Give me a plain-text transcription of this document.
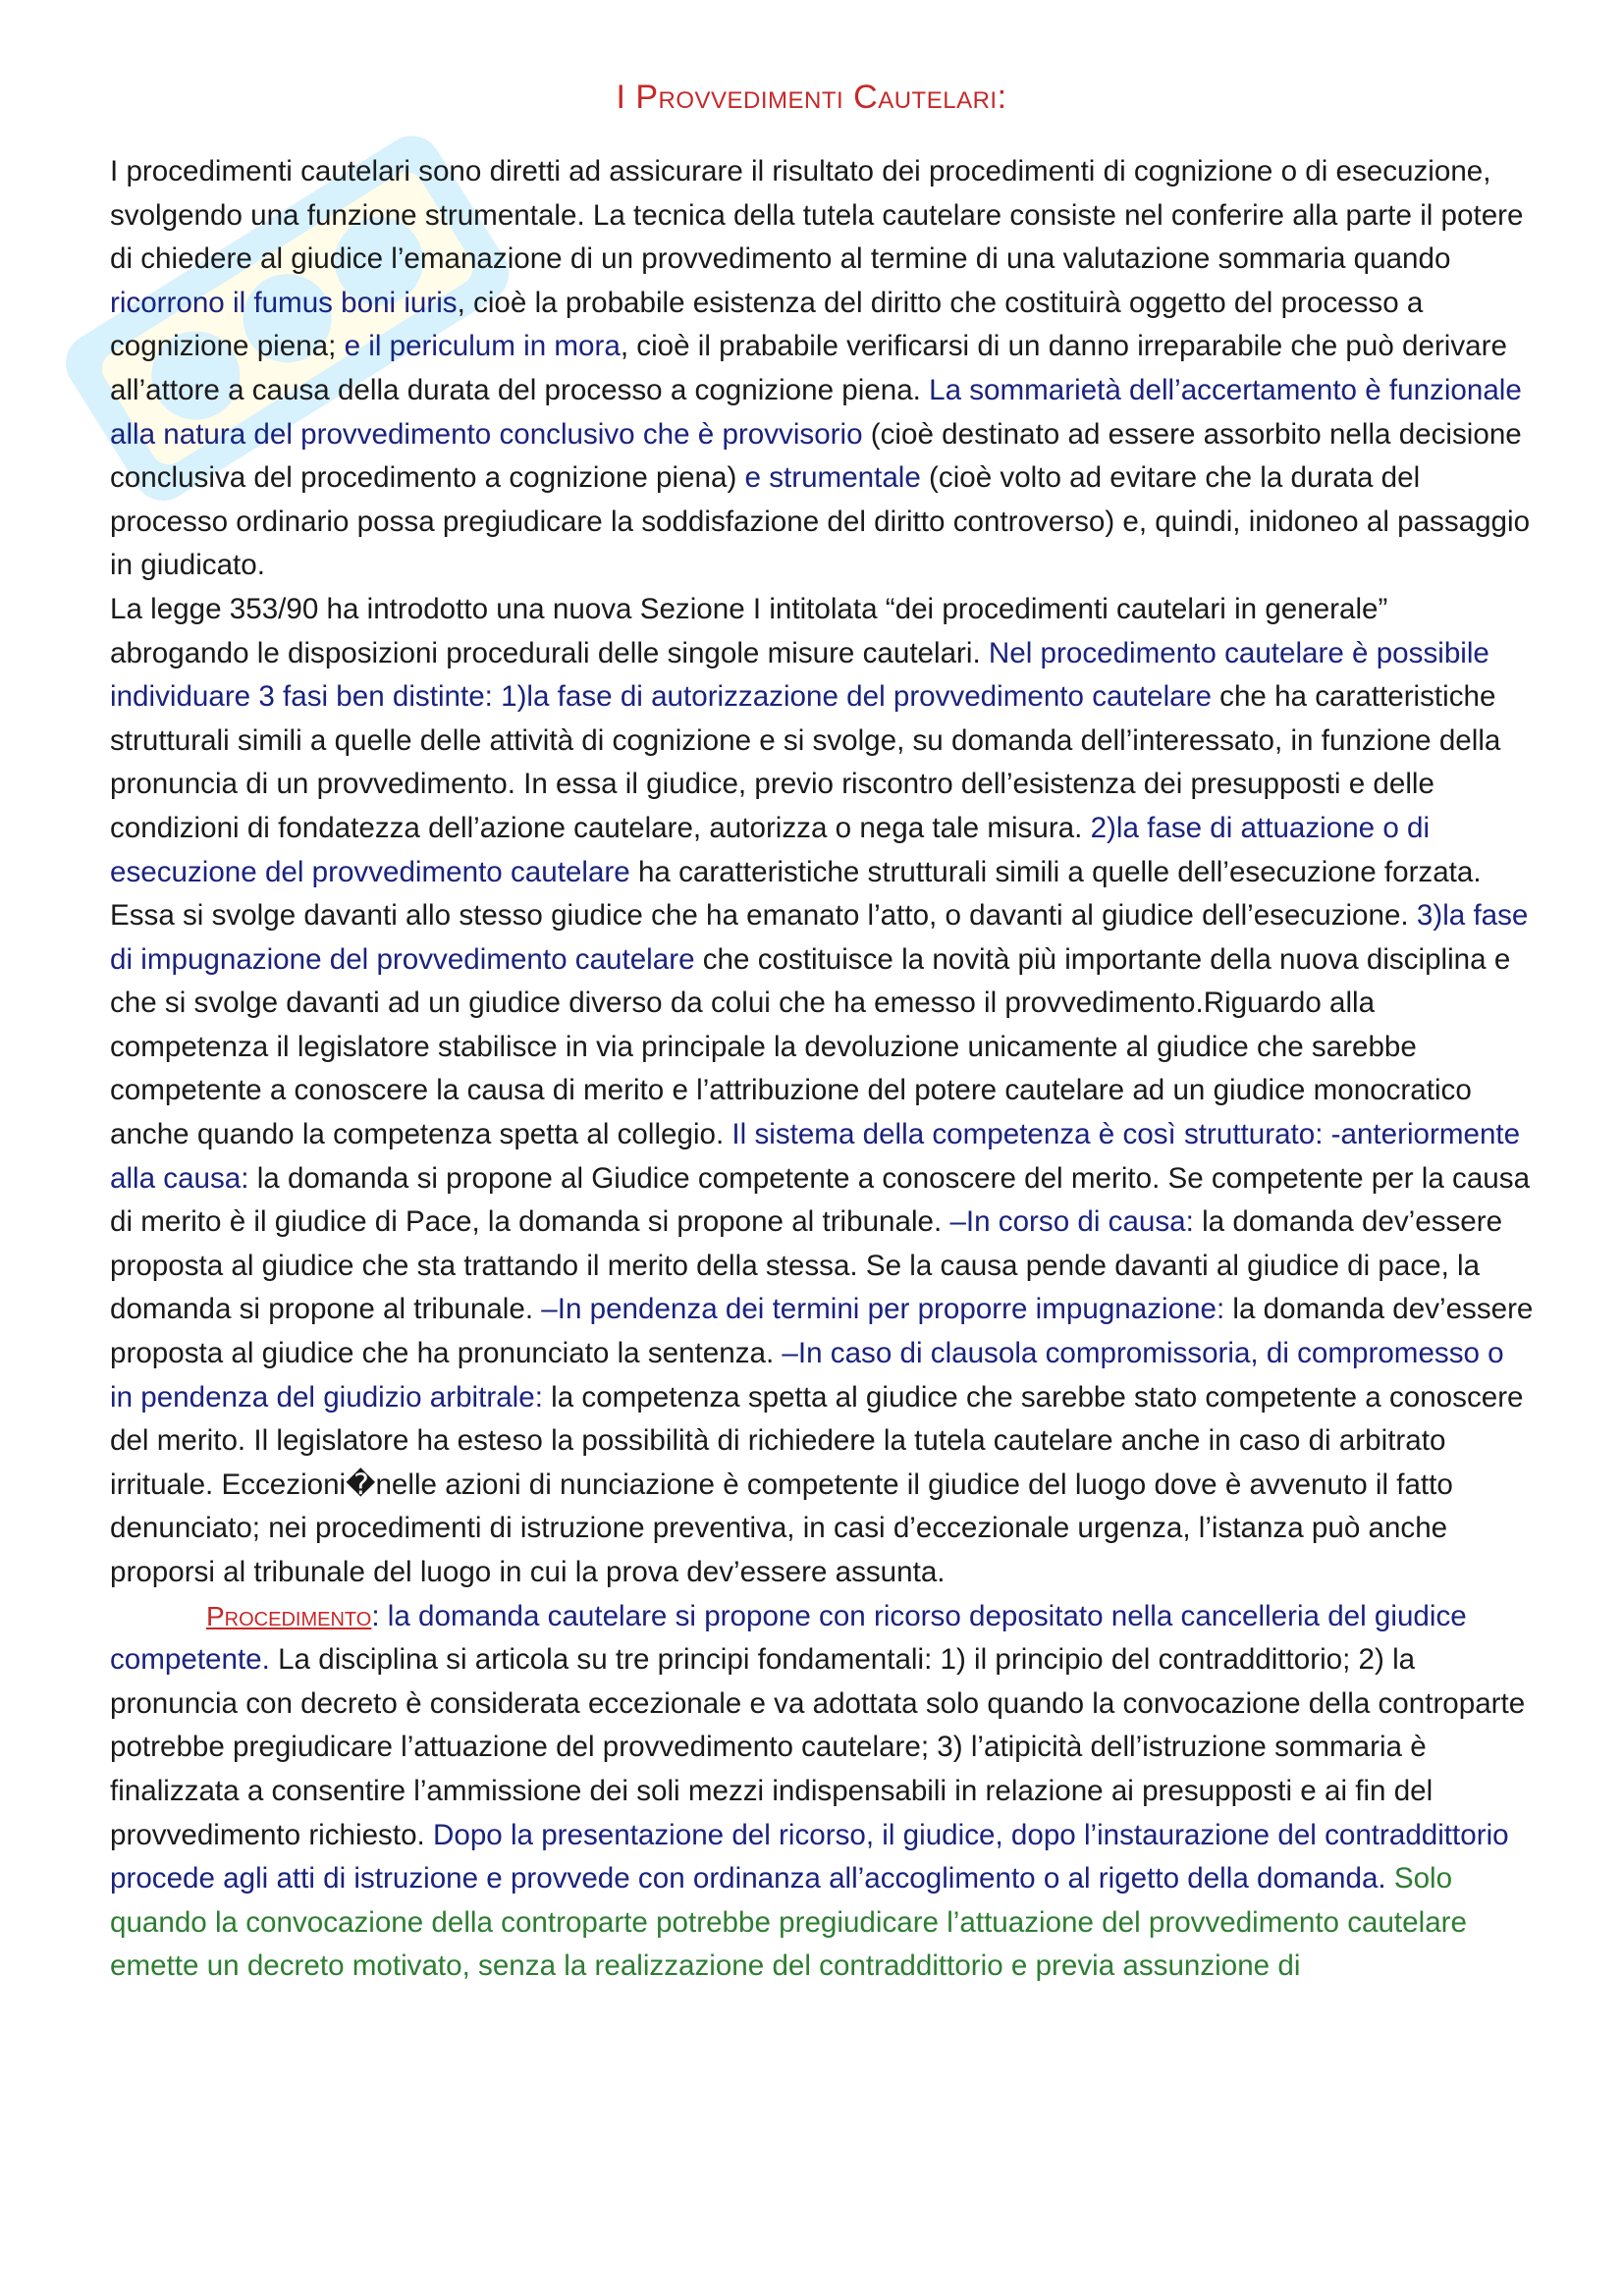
I Provvedimenti Cautelari:

I procedimenti cautelari sono diretti ad assicurare il risultato dei procedimenti di cognizione o di esecuzione, svolgendo una funzione strumentale. La tecnica della tutela cautelare consiste nel conferire alla parte il potere di chiedere al giudice l’emanazione di un provvedimento al termine di una valutazione sommaria quando ricorrono il fumus boni iuris, cioè la probabile esistenza del diritto che costituirà oggetto del processo a cognizione piena; e il periculum in mora, cioè il prababile verificarsi di un danno irreparabile che può derivare all’attore a causa della durata del processo a cognizione piena. La sommarietà dell’accertamento è funzionale alla natura del provvedimento conclusivo che è provvisorio (cioè destinato ad essere assorbito nella decisione conclusiva del procedimento a cognizione piena) e strumentale (cioè volto ad evitare che la durata del processo ordinario possa pregiudicare la soddisfazione del diritto controverso) e, quindi, inidoneo al passaggio in giudicato.

La legge 353/90 ha introdotto una nuova Sezione I intitolata “dei procedimenti cautelari in generale” abrogando le disposizioni procedurali delle singole misure cautelari. Nel procedimento cautelare è possibile individuare 3 fasi ben distinte: 1)la fase di autorizzazione del provvedimento cautelare che ha caratteristiche strutturali simili a quelle delle attività di cognizione e si svolge, su domanda dell’interessato, in funzione della pronuncia di un provvedimento. In essa il giudice, previo riscontro dell’esistenza dei presupposti e delle condizioni di fondatezza dell’azione cautelare, autorizza o nega tale misura. 2)la fase di attuazione o di esecuzione del provvedimento cautelare ha caratteristiche strutturali simili a quelle dell’esecuzione forzata. Essa si svolge davanti allo stesso giudice che ha emanato l’atto, o davanti al giudice dell’esecuzione. 3)la fase di impugnazione del provvedimento cautelare che costituisce la novità più importante della nuova disciplina e che si svolge davanti ad un giudice diverso da colui che ha emesso il provvedimento.Riguardo alla competenza il legislatore stabilisce in via principale la devoluzione unicamente al giudice che sarebbe competente a conoscere la causa di merito e l’attribuzione del potere cautelare ad un giudice monocratico anche quando la competenza spetta al collegio. Il sistema della competenza è così strutturato: -anteriormente alla causa: la domanda si propone al Giudice competente a conoscere del merito. Se competente per la causa di merito è il giudice di Pace, la domanda si propone al tribunale. –In corso di causa: la domanda dev’essere proposta al giudice che sta trattando il merito della stessa. Se la causa pende davanti al giudice di pace, la domanda si propone al tribunale. –In pendenza dei termini per proporre impugnazione: la domanda dev’essere proposta al giudice che ha pronunciato la sentenza. –In caso di clausola compromissoria, di compromesso o in pendenza del giudizio arbitrale: la competenza spetta al giudice che sarebbe stato competente a conoscere del merito. Il legislatore ha esteso la possibilità di richiedere la tutela cautelare anche in caso di arbitrato irrituale. Eccezioni�nelle azioni di nunciazione è competente il giudice del luogo dove è avvenuto il fatto denunciato; nei procedimenti di istruzione preventiva, in casi d’eccezionale urgenza, l’istanza può anche proporsi al tribunale del luogo in cui la prova dev’essere assunta.

Procedimento: la domanda cautelare si propone con ricorso depositato nella cancelleria del giudice competente. La disciplina si articola su tre principi fondamentali: 1) il principio del contraddittorio; 2) la pronuncia con decreto è considerata eccezionale e va adottata solo quando la convocazione della controparte potrebbe pregiudicare l’attuazione del provvedimento cautelare; 3) l’atipicità dell’istruzione sommaria è finalizzata a consentire l’ammissione dei soli mezzi indispensabili in relazione ai presupposti e ai fin del provvedimento richiesto. Dopo la presentazione del ricorso, il giudice, dopo l’instaurazione del contraddittorio procede agli atti di istruzione e provvede con ordinanza all’accoglimento o al rigetto della domanda. Solo quando la convocazione della controparte potrebbe pregiudicare l’attuazione del provvedimento cautelare emette un decreto motivato, senza la realizzazione del contraddittorio e previa assunzione di
